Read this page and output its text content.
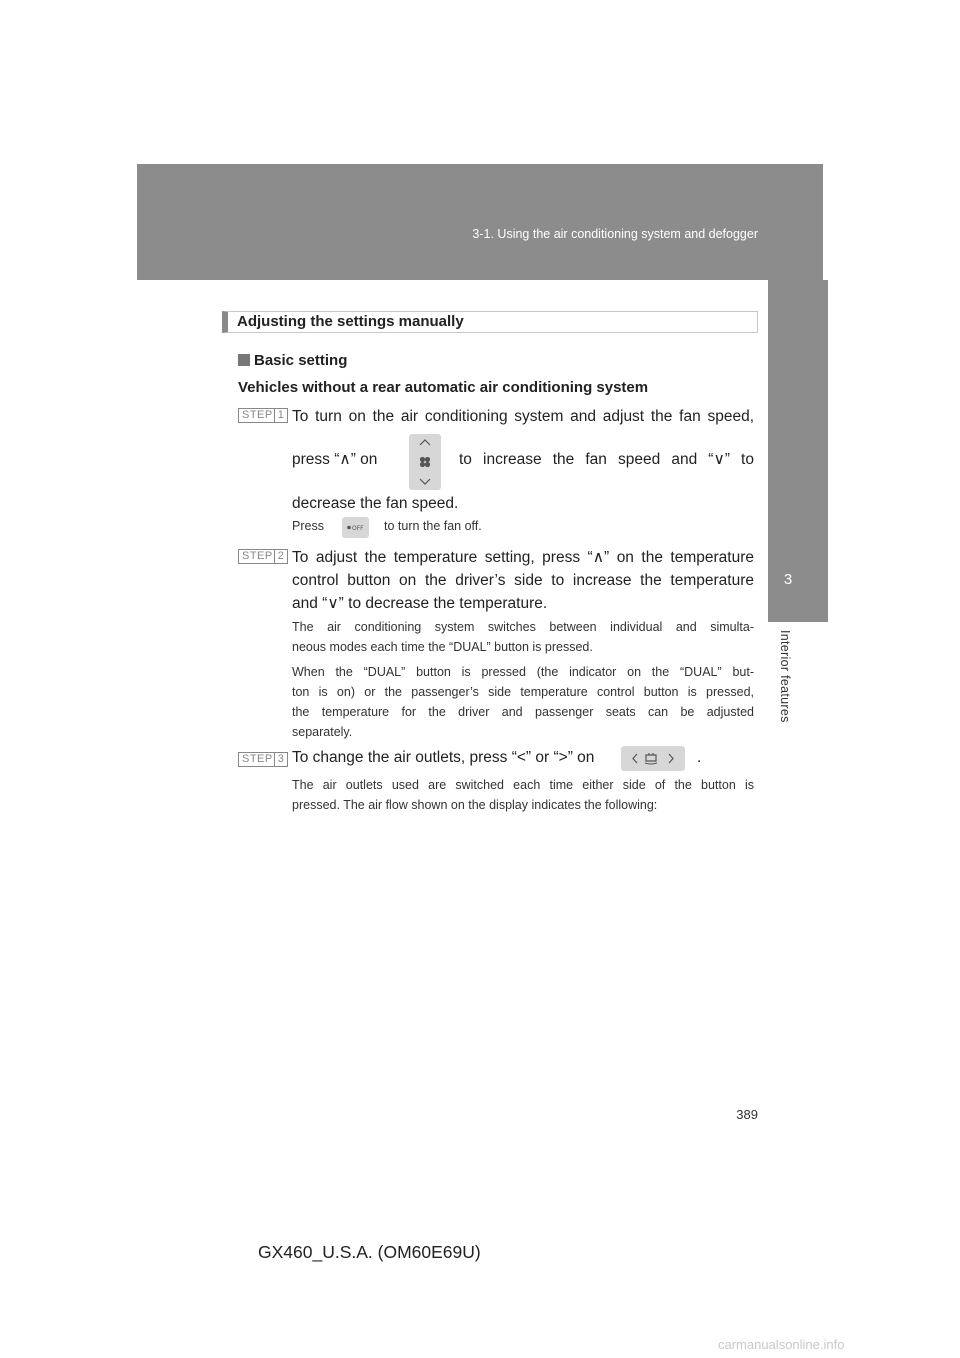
3-1. Using the air conditioning system and defogger
3
Interior features
Adjusting the settings manually
Basic setting
Vehicles without a rear automatic air conditioning system
STEP 1 To turn on the air conditioning system and adjust the fan speed,
press “∧” on	to increase the fan speed and “∨” to
decrease the fan speed.
Press	OFF to turn the fan off.
STEP 2 To adjust the temperature setting, press “∧” on the temperature
control button on the driver’s side to increase the temperature
and “∨” to decrease the temperature.
The air conditioning system switches between individual and simulta-
neous modes each time the “DUAL” button is pressed.
When the “DUAL” button is pressed (the indicator on the “DUAL” but-
ton is on) or the passenger’s side temperature control button is pressed,
the temperature for the driver and passenger seats can be adjusted
separately.
STEP 3 To change the air outlets, press “<” or “>” on	.
The air outlets used are switched each time either side of the button is
pressed. The air flow shown on the display indicates the following:
389
GX460_U.S.A. (OM60E69U)
carmanualsonline.info
